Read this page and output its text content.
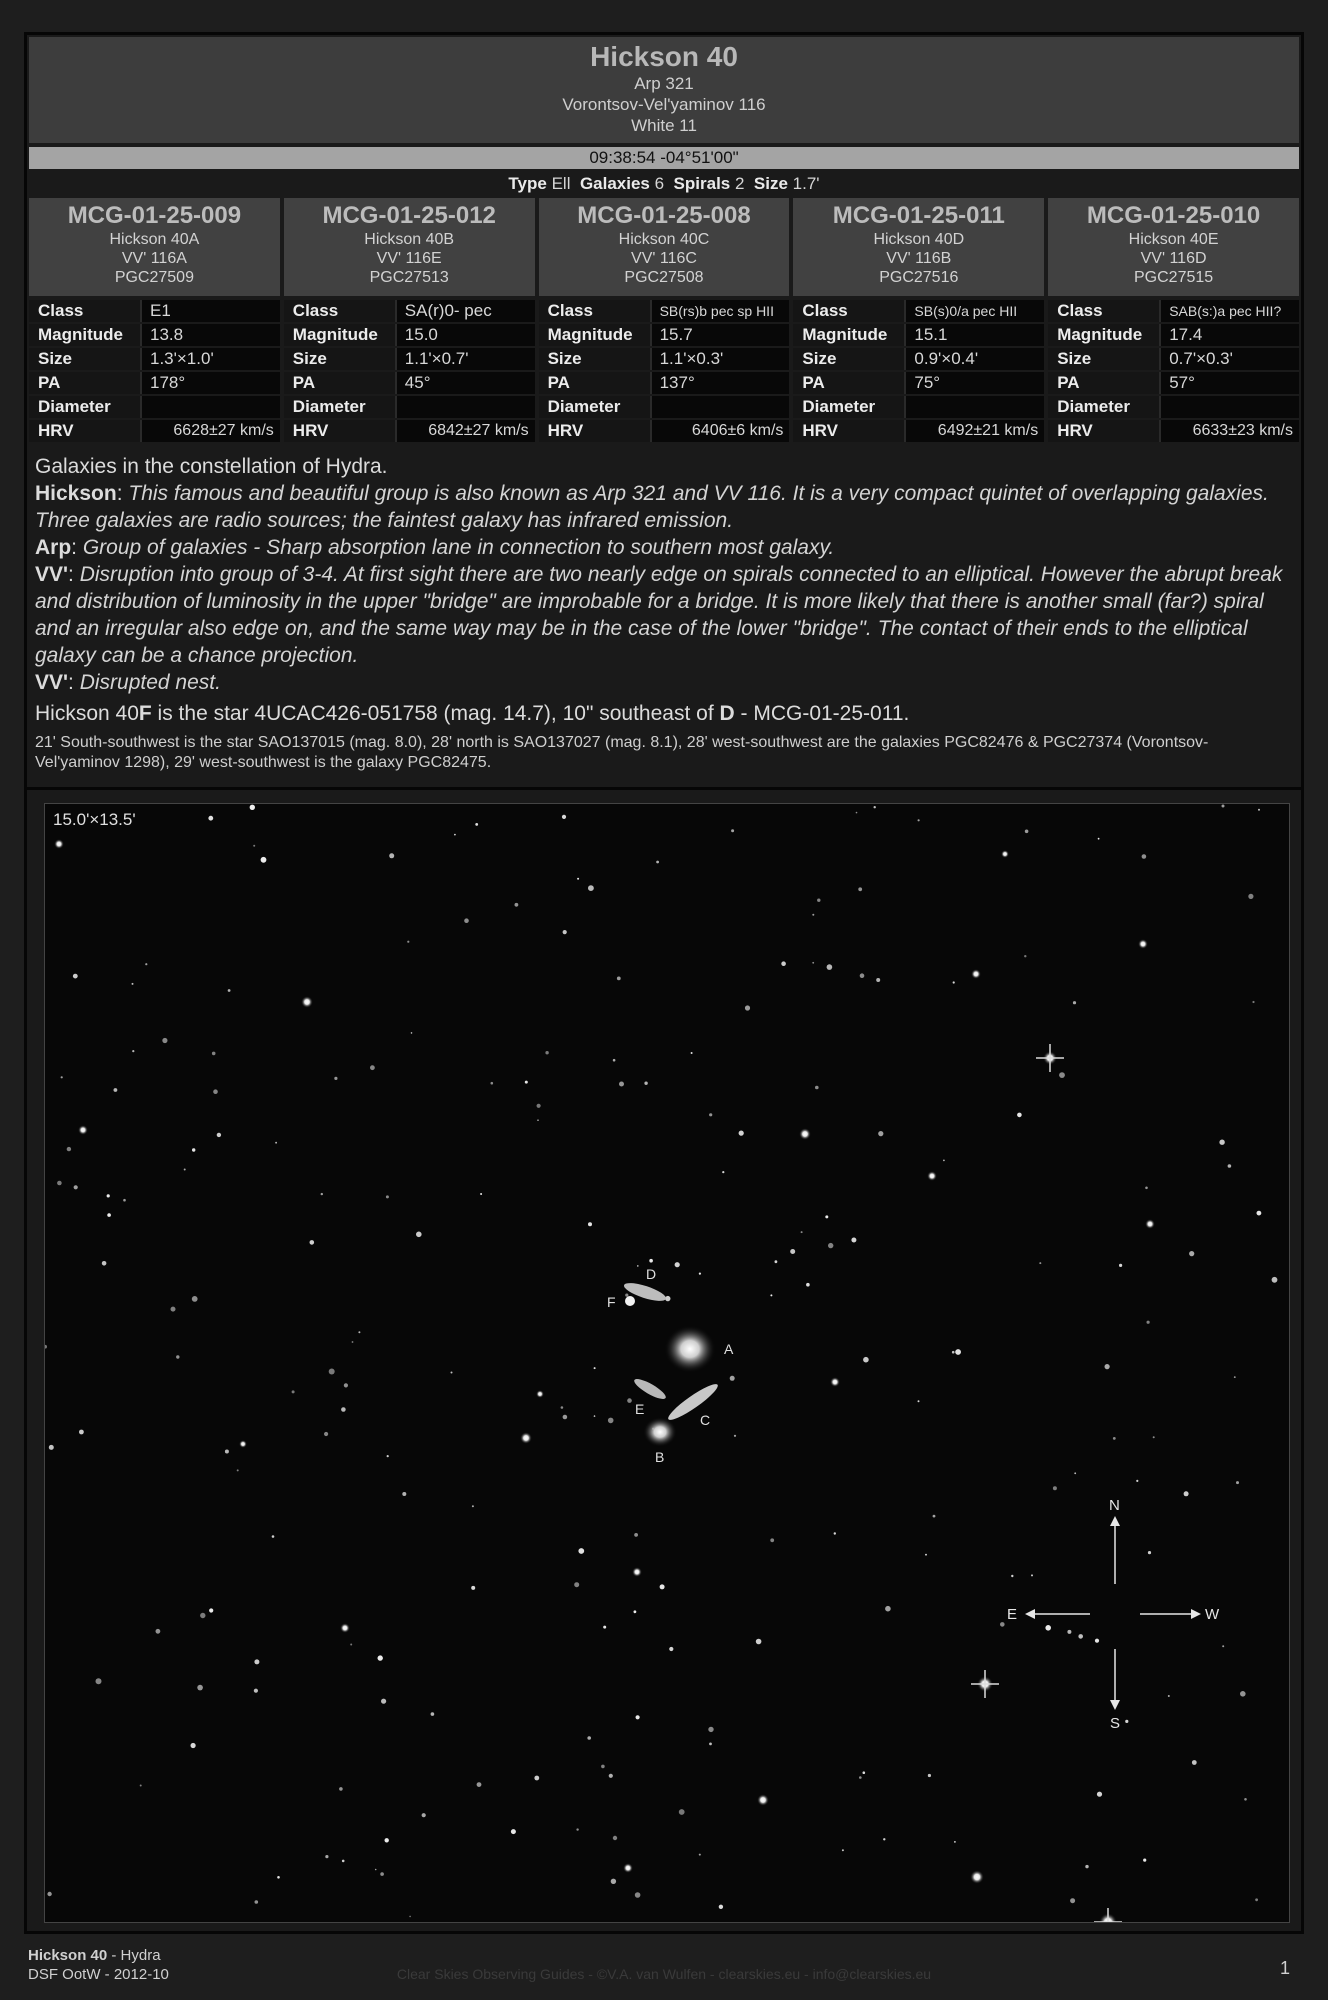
Hickson 40
Arp 321
Vorontsov-Vel'yaminov 116
White 11
09:38:54 -04°51'00"
Type Ell Galaxies 6 Spirals 2 Size 1.7'
MCG-01-25-009
Hickson 40A
VV' 116A
PGC27509
Class	E1
Magnitude	13.8
Size	1.3'×1.0'
PA	178°
Diameter
HRV	6628±27 km/s
MCG-01-25-012
Hickson 40B
VV' 116E
PGC27513
Class	SA(r)0- pec
Magnitude	15.0
Size	1.1'×0.7'
PA	45°
Diameter
HRV	6842±27 km/s
MCG-01-25-008
Hickson 40C
VV' 116C
PGC27508
Class	SB(rs)b pec sp HII
Magnitude	15.7
Size	1.1'×0.3'
PA	137°
Diameter
HRV	6406±6 km/s
MCG-01-25-011
Hickson 40D
VV' 116B
PGC27516
Class	SB(s)0/a pec HII
Magnitude	15.1
Size	0.9'×0.4'
PA	75°
Diameter
HRV	6492±21 km/s
MCG-01-25-010
Hickson 40E
VV' 116D
PGC27515
Class	SAB(s:)a pec HII?
Magnitude	17.4
Size	0.7'×0.3'
PA	57°
Diameter
HRV	6633±23 km/s

Galaxies in the constellation of Hydra.

Hickson: This famous and beautiful group is also known as Arp 321 and VV 116. It is a very compact quintet of overlapping galaxies. Three galaxies are radio sources; the faintest galaxy has infrared emission.

Arp: Group of galaxies - Sharp absorption lane in connection to southern most galaxy.

VV': Disruption into group of 3-4. At first sight there are two nearly edge on spirals connected to an elliptical. However the abrupt break and distribution of luminosity in the upper "bridge" are improbable for a bridge. It is more likely that there is another small (far?) spiral and an irregular also edge on, and the same way may be in the case of the lower "bridge". The contact of their ends to the elliptical galaxy can be a chance projection.

VV': Disrupted nest.

Hickson 40F is the star 4UCAC426-051758 (mag. 14.7), 10" southeast of D - MCG-01-25-011.

21' South-southwest is the star SAO137015 (mag. 8.0), 28' north is SAO137027 (mag. 8.1), 28' west-southwest are the galaxies PGC82476 & PGC27374 (Vorontsov-Vel'yaminov 1298), 29' west-southwest is the galaxy PGC82475.

D
F
A
E
C
B
N
S
E	W
15.0'×13.5'
Hickson 40 - Hydra
DSF OotW - 2012-10	Clear Skies Observing Guides - ©V.A. van Wulfen - clearskies.eu - info@clearskies.eu	1
